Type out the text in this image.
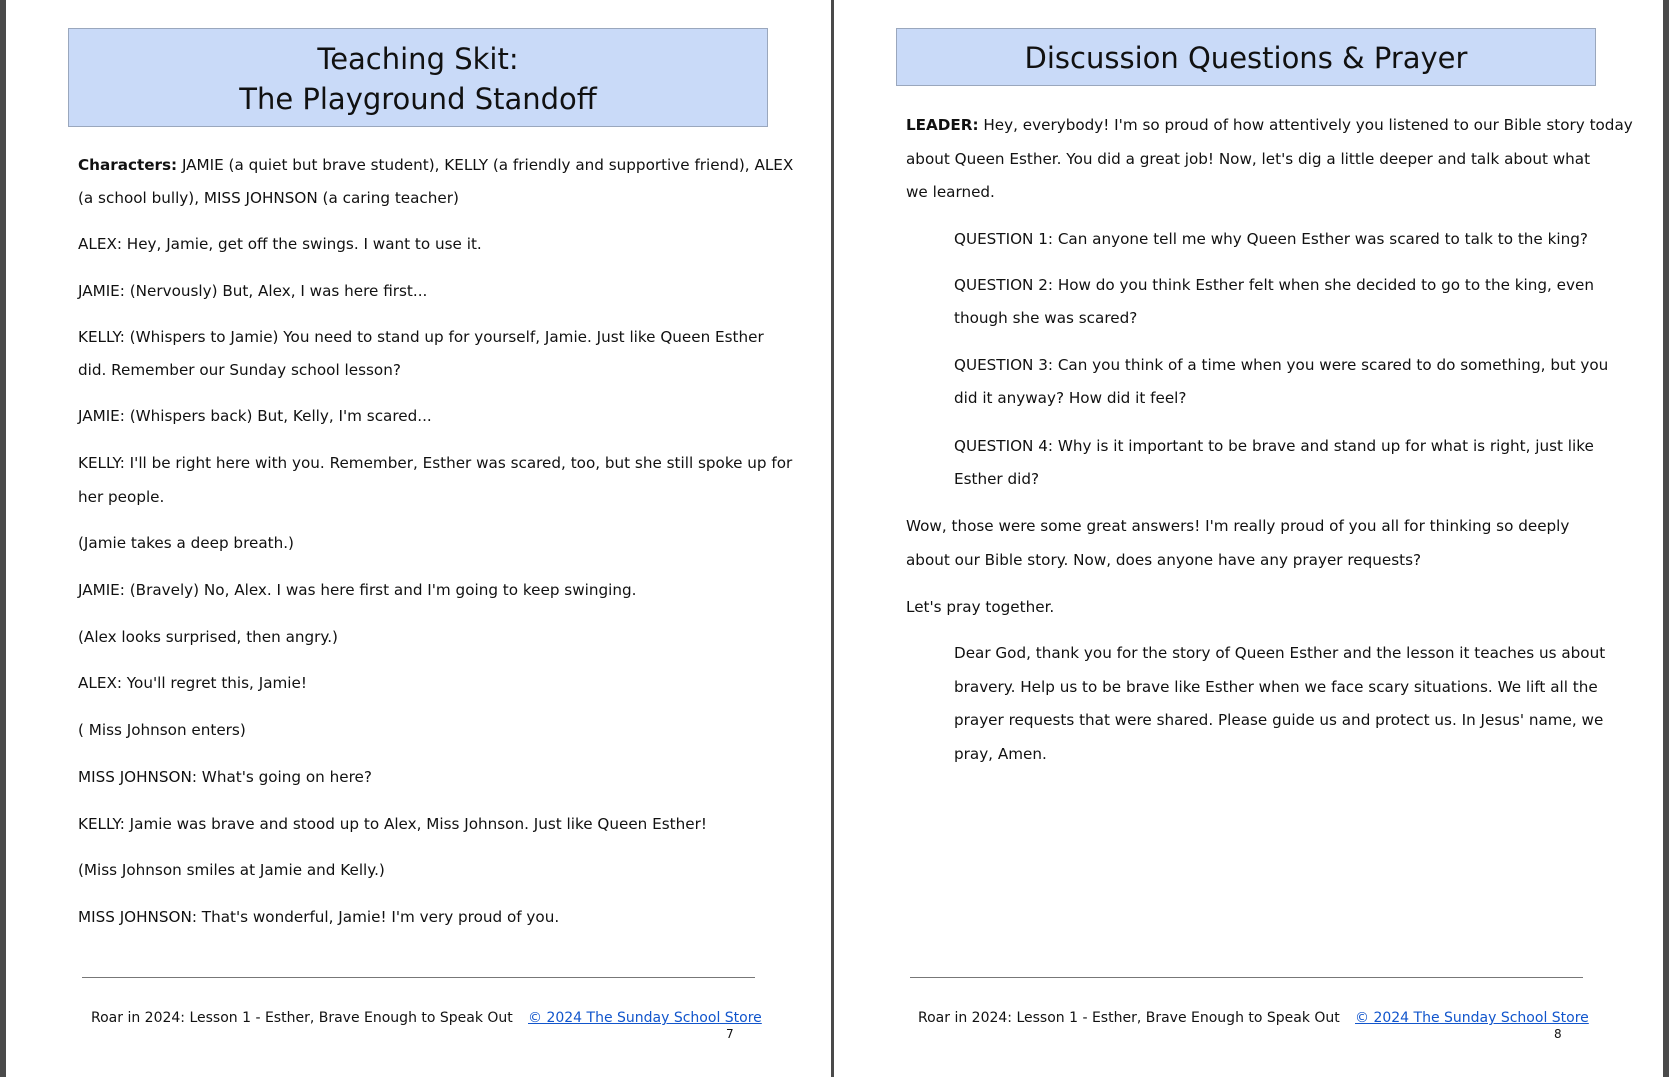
Teaching Skit:
The Playground Standoff
Characters: JAMIE (a quiet but brave student), KELLY (a friendly and supportive friend), ALEX
(a school bully), MISS JOHNSON (a caring teacher)
ALEX: Hey, Jamie, get off the swings. I want to use it.
JAMIE: (Nervously) But, Alex, I was here first...
KELLY: (Whispers to Jamie) You need to stand up for yourself, Jamie. Just like Queen Esther
did. Remember our Sunday school lesson?
JAMIE: (Whispers back) But, Kelly, I'm scared...
KELLY: I'll be right here with you. Remember, Esther was scared, too, but she still spoke up for
her people.
(Jamie takes a deep breath.)
JAMIE: (Bravely) No, Alex. I was here first and I'm going to keep swinging.
(Alex looks surprised, then angry.)
ALEX: You'll regret this, Jamie!
( Miss Johnson enters)
MISS JOHNSON: What's going on here?
KELLY: Jamie was brave and stood up to Alex, Miss Johnson. Just like Queen Esther!
(Miss Johnson smiles at Jamie and Kelly.)
MISS JOHNSON: That's wonderful, Jamie! I'm very proud of you.
Roar in 2024: Lesson 1 - Esther, Brave Enough to Speak Out © 2024 The Sunday School Store
7
Discussion Questions & Prayer
LEADER: Hey, everybody! I'm so proud of how attentively you listened to our Bible story today
about Queen Esther. You did a great job! Now, let's dig a little deeper and talk about what
we learned.
QUESTION 1: Can anyone tell me why Queen Esther was scared to talk to the king?
QUESTION 2: How do you think Esther felt when she decided to go to the king, even
though she was scared?
QUESTION 3: Can you think of a time when you were scared to do something, but you
did it anyway? How did it feel?
QUESTION 4: Why is it important to be brave and stand up for what is right, just like
Esther did?
Wow, those were some great answers! I'm really proud of you all for thinking so deeply
about our Bible story. Now, does anyone have any prayer requests?
Let's pray together.
Dear God, thank you for the story of Queen Esther and the lesson it teaches us about
bravery. Help us to be brave like Esther when we face scary situations. We lift all the
prayer requests that were shared. Please guide us and protect us. In Jesus' name, we
pray, Amen.
Roar in 2024: Lesson 1 - Esther, Brave Enough to Speak Out © 2024 The Sunday School Store
8
